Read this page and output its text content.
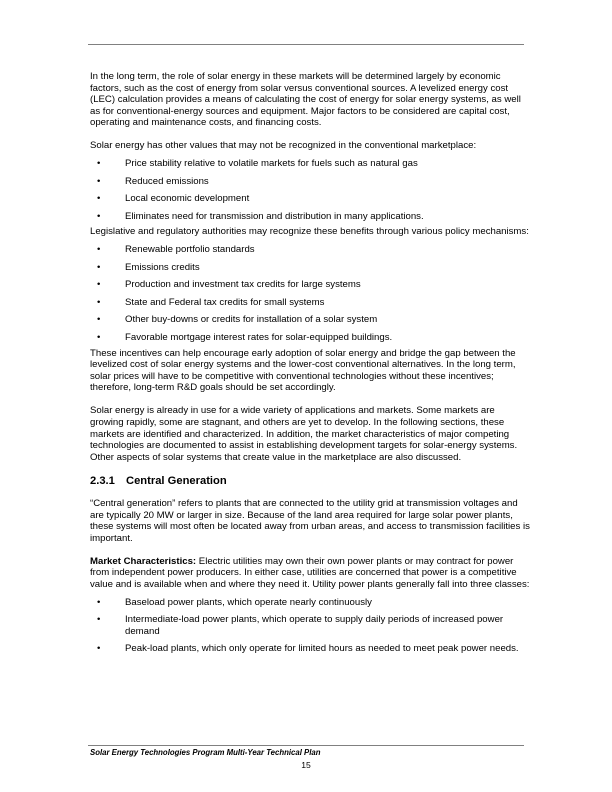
In the long term, the role of solar energy in these markets will be determined largely by economic factors, such as the cost of energy from solar versus conventional sources. A levelized energy cost (LEC) calculation provides a means of calculating the cost of energy for solar energy systems, as well as for conventional-energy sources and equipment. Major factors to be considered are capital cost, operating and maintenance costs, and financing costs.

Solar energy has other values that may not be recognized in the conventional marketplace:

•	Price stability relative to volatile markets for fuels such as natural gas
•	Reduced emissions
•	Local economic development
•	Eliminates need for transmission and distribution in many applications.

Legislative and regulatory authorities may recognize these benefits through various policy mechanisms:

•	Renewable portfolio standards
•	Emissions credits
•	Production and investment tax credits for large systems
•	State and Federal tax credits for small systems
•	Other buy-downs or credits for installation of a solar system
•	Favorable mortgage interest rates for solar-equipped buildings.

These incentives can help encourage early adoption of solar energy and bridge the gap between the levelized cost of solar energy systems and the lower-cost conventional alternatives. In the long term, solar prices will have to be competitive with conventional technologies without these incentives; therefore, long-term R&D goals should be set accordingly.

Solar energy is already in use for a wide variety of applications and markets. Some markets are growing rapidly, some are stagnant, and others are yet to develop. In the following sections, these markets are identified and characterized. In addition, the market characteristics of major competing technologies are documented to assist in establishing development targets for solar-energy systems. Other aspects of solar systems that create value in the marketplace are also discussed.

2.3.1 Central Generation

“Central generation” refers to plants that are connected to the utility grid at transmission voltages and are typically 20 MW or larger in size. Because of the land area required for large solar power plants, these systems will most often be located away from urban areas, and access to transmission facilities is important.

Market Characteristics: Electric utilities may own their own power plants or may contract for power from independent power producers. In either case, utilities are concerned that power is a competitive value and is available when and where they need it. Utility power plants generally fall into three classes:

•	Baseload power plants, which operate nearly continuously
•	Intermediate-load power plants, which operate to supply daily periods of increased power demand
•	Peak-load plants, which only operate for limited hours as needed to meet peak power needs.
Solar Energy Technologies Program Multi-Year Technical Plan
15
